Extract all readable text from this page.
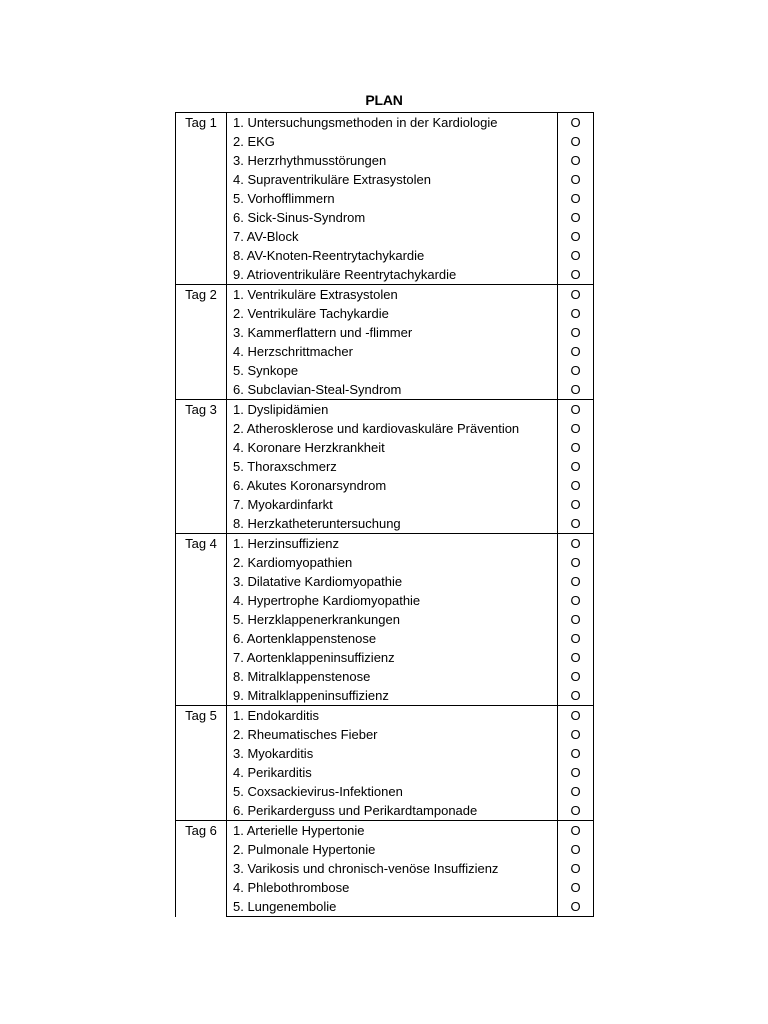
PLAN
Tag 1	1. Untersuchungsmethoden in der Kardiologie	O
	2. EKG	O
	3. Herzrhythmusstörungen	O
	4. Supraventrikuläre Extrasystolen	O
	5. Vorhofflimmern	O
	6. Sick-Sinus-Syndrom	O
	7. AV-Block	O
	8. AV-Knoten-Reentrytachykardie	O
	9. Atrioventrikuläre Reentrytachykardie	O
Tag 2	1. Ventrikuläre Extrasystolen	O
	2. Ventrikuläre Tachykardie	O
	3. Kammerflattern und -flimmer	O
	4. Herzschrittmacher	O
	5. Synkope	O
	6. Subclavian-Steal-Syndrom	O
Tag 3	1. Dyslipidämien	O
	2. Atherosklerose und kardiovaskuläre Prävention	O
	4. Koronare Herzkrankheit	O
	5. Thoraxschmerz	O
	6. Akutes Koronarsyndrom	O
	7. Myokardinfarkt	O
	8. Herzkatheteruntersuchung	O
Tag 4	1. Herzinsuffizienz	O
	2. Kardiomyopathien	O
	3. Dilatative Kardiomyopathie	O
	4. Hypertrophe Kardiomyopathie	O
	5. Herzklappenerkrankungen	O
	6. Aortenklappenstenose	O
	7. Aortenklappeninsuffizienz	O
	8. Mitralklappenstenose	O
	9. Mitralklappeninsuffizienz	O
Tag 5	1. Endokarditis	O
	2. Rheumatisches Fieber	O
	3. Myokarditis	O
	4. Perikarditis	O
	5. Coxsackievirus-Infektionen	O
	6. Perikarderguss und Perikardtamponade	O
Tag 6	1. Arterielle Hypertonie	O
	2. Pulmonale Hypertonie	O
	3. Varikosis und chronisch-venöse Insuffizienz	O
	4. Phlebothrombose	O
	5. Lungenembolie	O
